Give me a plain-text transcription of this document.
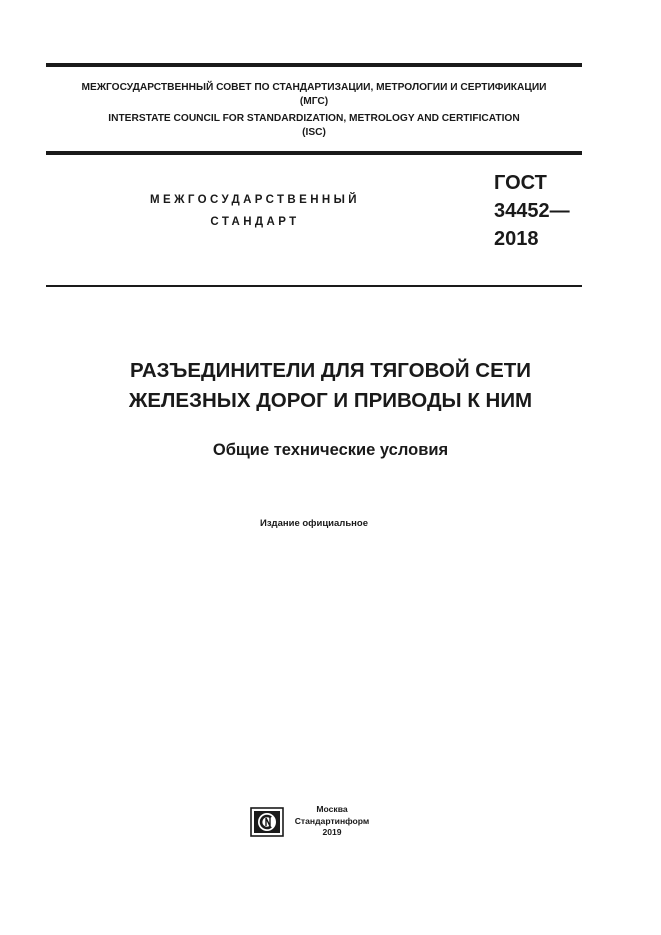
МЕЖГОСУДАРСТВЕННЫЙ СОВЕТ ПО СТАНДАРТИЗАЦИИ, МЕТРОЛОГИИ И СЕРТИФИКАЦИИ
(МГС)
INTERSTATE COUNCIL FOR STANDARDIZATION, METROLOGY AND CERTIFICATION
(ISC)
МЕЖГОСУДАРСТВЕННЫЙ
СТАНДАРТ
ГОСТ
34452—
2018
РАЗЪЕДИНИТЕЛИ ДЛЯ ТЯГОВОЙ СЕТИ
ЖЕЛЕЗНЫХ ДОРОГ И ПРИВОДЫ К НИМ
Общие технические условия
Издание официальное
Москва
Стандартинформ
2019
